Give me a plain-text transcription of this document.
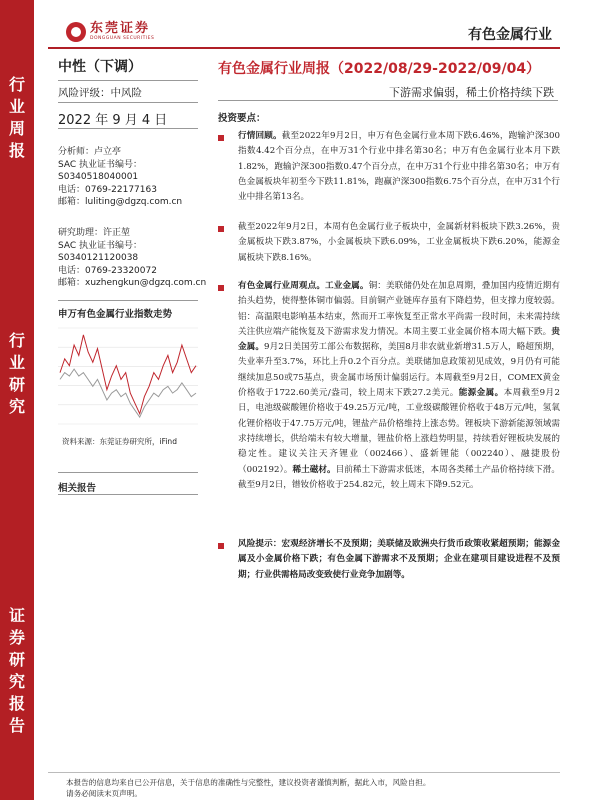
东莞证券
DONGGUAN SECURITIES	有色金属行业
行
业
周
报
行
业
研
究
证
券
研
究
报
告
中性（下调）
风险评级：中风险
2022 年 9 月 4 日
分析师：卢立亭
SAC 执业证书编号：
S0340518040001
电话：0769-22177163
邮箱：luliting@dgzq.com.cn
研究助理：许正堃
SAC 执业证书编号：
S0340121120038
电话：0769-23320072
邮箱：xuzhengkun@dgzq.com.cn
申万有色金属行业指数走势
资料来源：东莞证券研究所，iFind
相关报告
有色金属行业周报（2022/08/29-2022/09/04）
下游需求偏弱，稀土价格持续下跌
投资要点：
行情回顾。截至2022年9月2日，申万有色金属行业本周下跌6.46%，跑输沪深300指数4.42个百分点，在申万31个行业中排名第30名；申万有色金属行业本月下跌1.82%，跑输沪深300指数0.47个百分点，在申万31个行业中排名第30名；申万有色金属板块年初至今下跌11.81%，跑赢沪深300指数6.75个百分点，在申万31个行业中排名第13名。
截至2022年9月2日，本周有色金属行业子板块中，金属新材料板块下跌3.26%，贵金属板块下跌3.87%，小金属板块下跌6.09%，工业金属板块下跌6.20%，能源金属板块下跌8.16%。
有色金属行业周观点。工业金属。铜：美联储仍处在加息周期，叠加国内疫情近期有抬头趋势，使得整体铜市偏弱。目前铜产业链库存虽有下降趋势，但支撑力度较弱。铝：高温限电影响基本结束，然而开工率恢复至正常水平尚需一段时间，未来需持续关注供应端产能恢复及下游需求发力情况。本周主要工业金属价格本周大幅下跌。贵金属。9月2日美国劳工部公布数据称，美国8月非农就业新增31.5万人，略超预期，失业率升至3.7%，环比上升0.2个百分点。美联储加息政策初见成效，9月仍有可能继续加息50或75基点，贵金属市场预计偏弱运行。本周截至9月2日，COMEX黄金价格收于1722.60美元/盎司，较上周末下跌27.2美元。能源金属。本周截至9月2日，电池级碳酸锂价格收于49.25万元/吨，工业级碳酸锂价格收于48万元/吨，氢氧化锂价格收于47.75万元/吨，锂盐产品价格维持上涨态势。锂板块下游新能源领域需求持续增长，供给端未有较大增量，锂盐价格上涨趋势明显，持续看好锂板块发展的稳定性。建议关注天齐锂业（002466）、盛新锂能（002240）、融捷股份（002192）。稀土磁材。目前稀土下游需求低迷，本周各类稀土产品价格持续下滑。截至9月2日，镨钕价格收于254.82元，较上周末下降9.52元。
风险提示：宏观经济增长不及预期；美联储及欧洲央行货币政策收紧超预期；能源金属及小金属价格下跌；有色金属下游需求不及预期；企业在建项目建设进程不及预期；行业供需格局改变致使行业竞争加剧等。
本报告的信息均来自已公开信息，关于信息的准确性与完整性，建议投资者谨慎判断，据此入市，风险自担。
请务必阅读末页声明。
